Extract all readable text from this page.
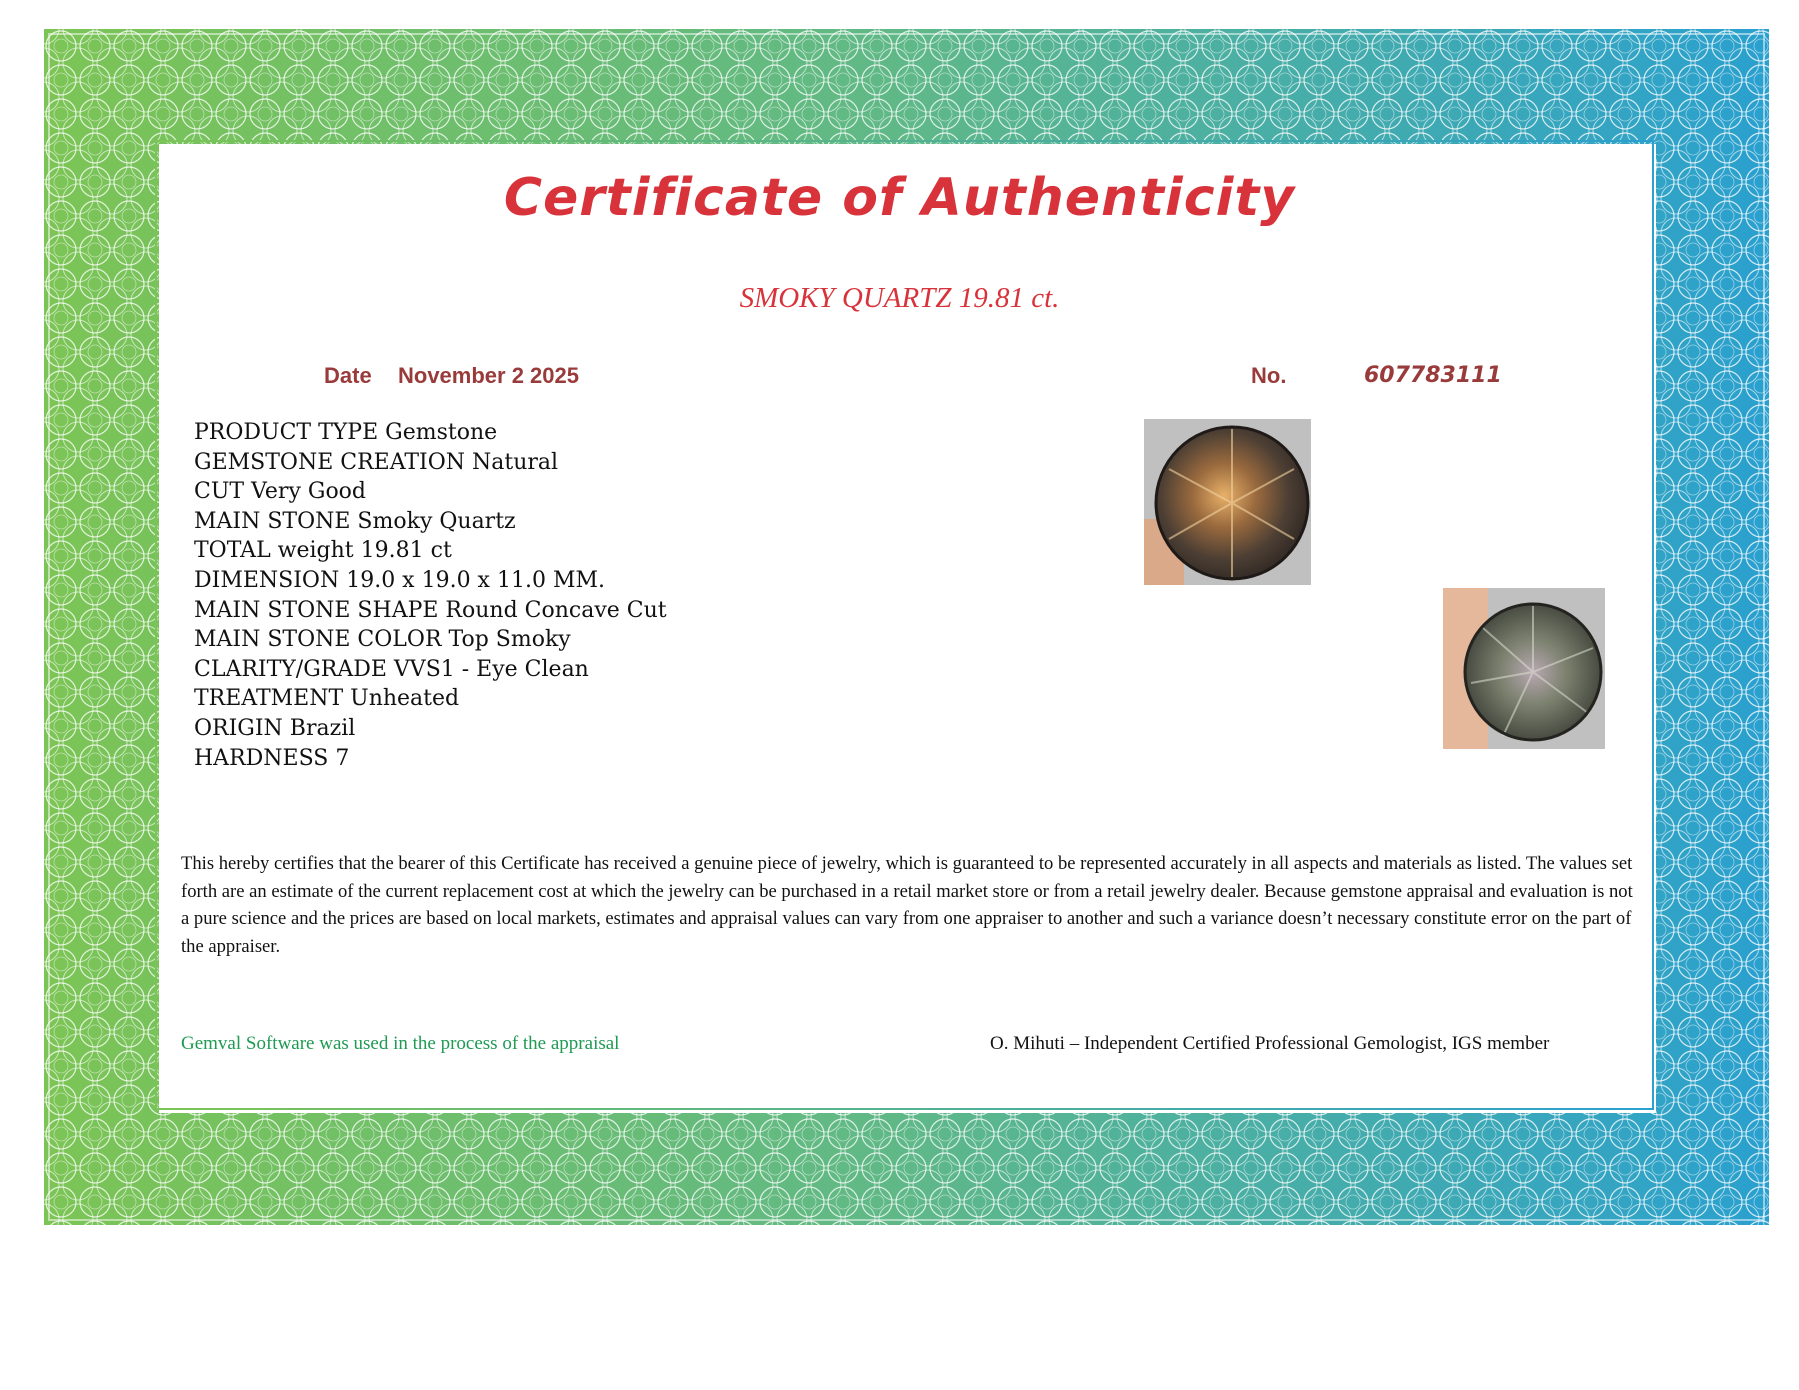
Certificate of Authenticity
SMOKY QUARTZ 19.81 ct.
Date November 2 2025	No.	607783111
PRODUCT TYPE Gemstone
GEMSTONE CREATION Natural
CUT Very Good
MAIN STONE Smoky Quartz
TOTAL weight 19.81 ct
DIMENSION 19.0 x 19.0 x 11.0 MM.
MAIN STONE SHAPE Round Concave Cut
MAIN STONE COLOR Top Smoky
CLARITY/GRADE VVS1 - Eye Clean
TREATMENT Unheated
ORIGIN Brazil
HARDNESS 7
This hereby certifies that the bearer of this Certificate has received a genuine piece of jewelry, which is guaranteed to be represented accurately in all aspects and materials as listed. The values set forth are an estimate of the current replacement cost at which the jewelry can be purchased in a retail market store or from a retail jewelry dealer. Because gemstone appraisal and evaluation is not a pure science and the prices are based on local markets, estimates and appraisal values can vary from one appraiser to another and such a variance doesn’t necessary constitute error on the part of the appraiser.
Gemval Software was used in the process of the appraisal	O. Mihuti – Independent Certified Professional Gemologist, IGS member
